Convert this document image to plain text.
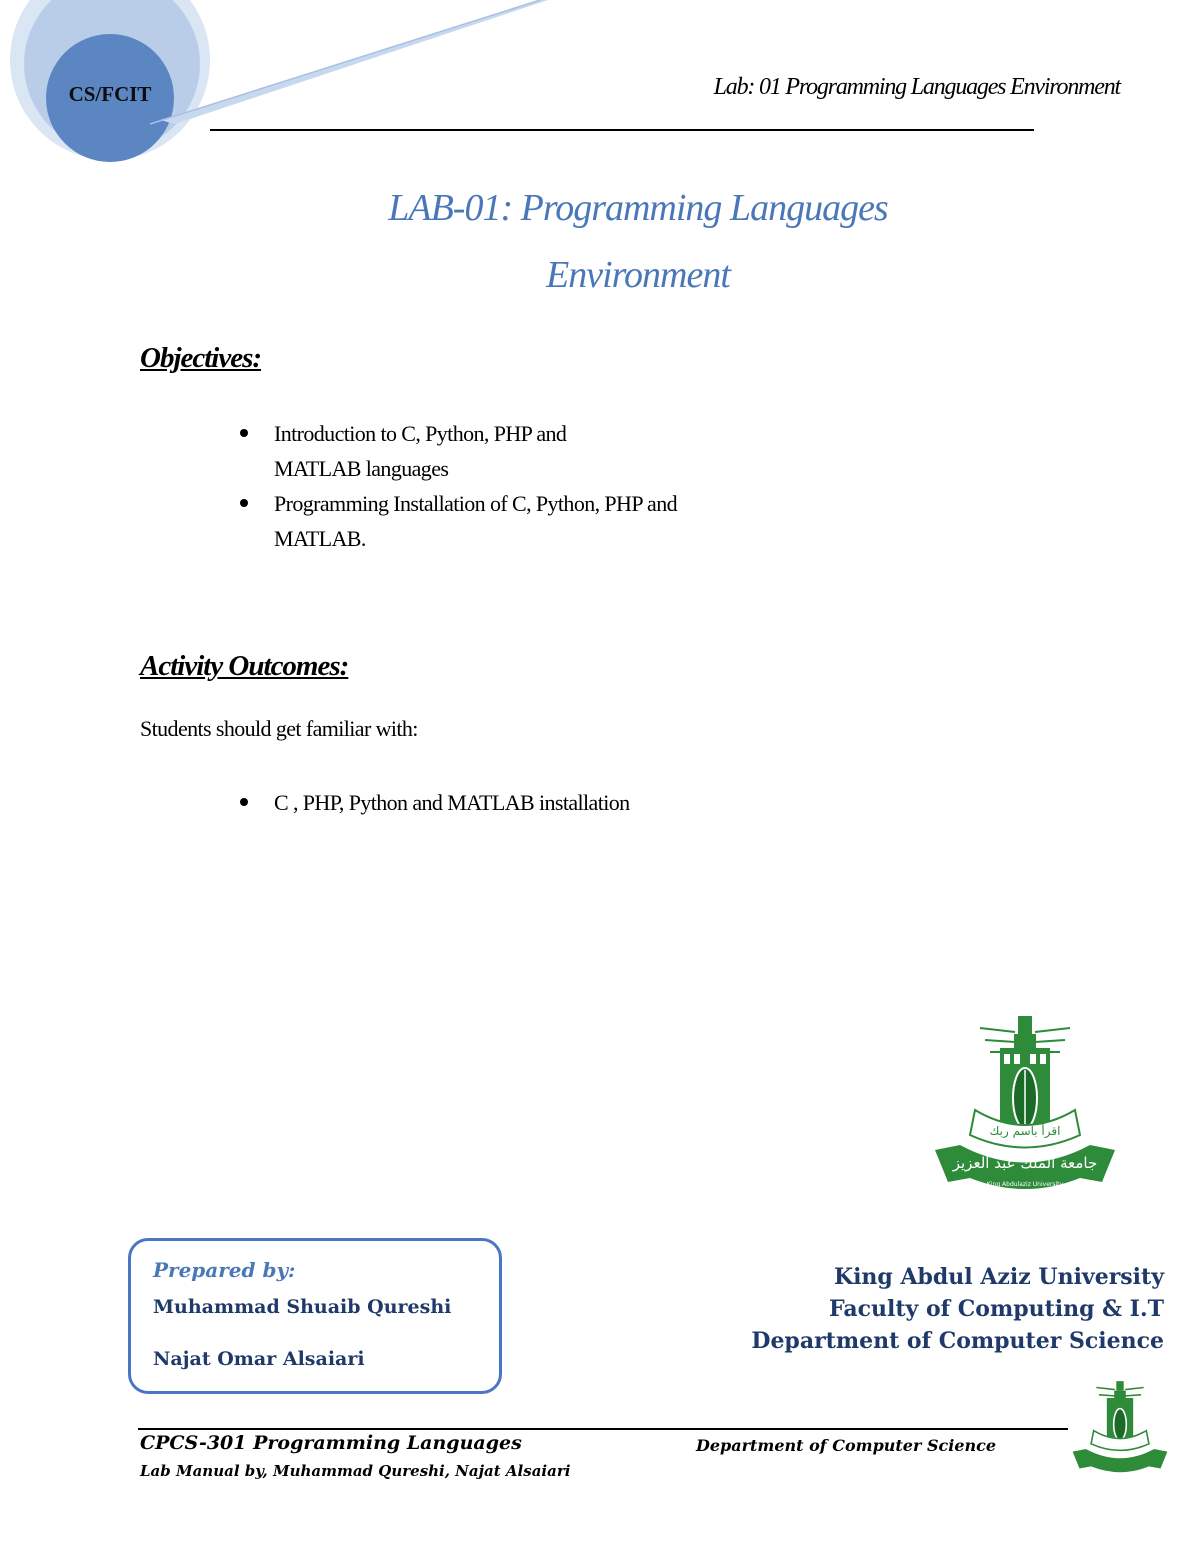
CS/FCIT	Lab: 01 Programming Languages Environment
LAB-01: Programming Languages
Environment
Objectives:
Introduction to C, Python, PHP and
MATLAB languages
Programming Installation of C, Python, PHP and
MATLAB.
Activity Outcomes:
Students should get familiar with:
C , PHP, Python and MATLAB installation
اقرأ باسم ربك
جامعة الملك عبد العزيز
King Abdulaziz University
Prepared by:
Muhammad Shuaib Qureshi
Najat Omar Alsaiari
King Abdul Aziz University
Faculty of Computing & I.T
Department of Computer Science
CPCS-301 Programming Languages
Lab Manual by, Muhammad Qureshi, Najat Alsaiari
Department of Computer Science
